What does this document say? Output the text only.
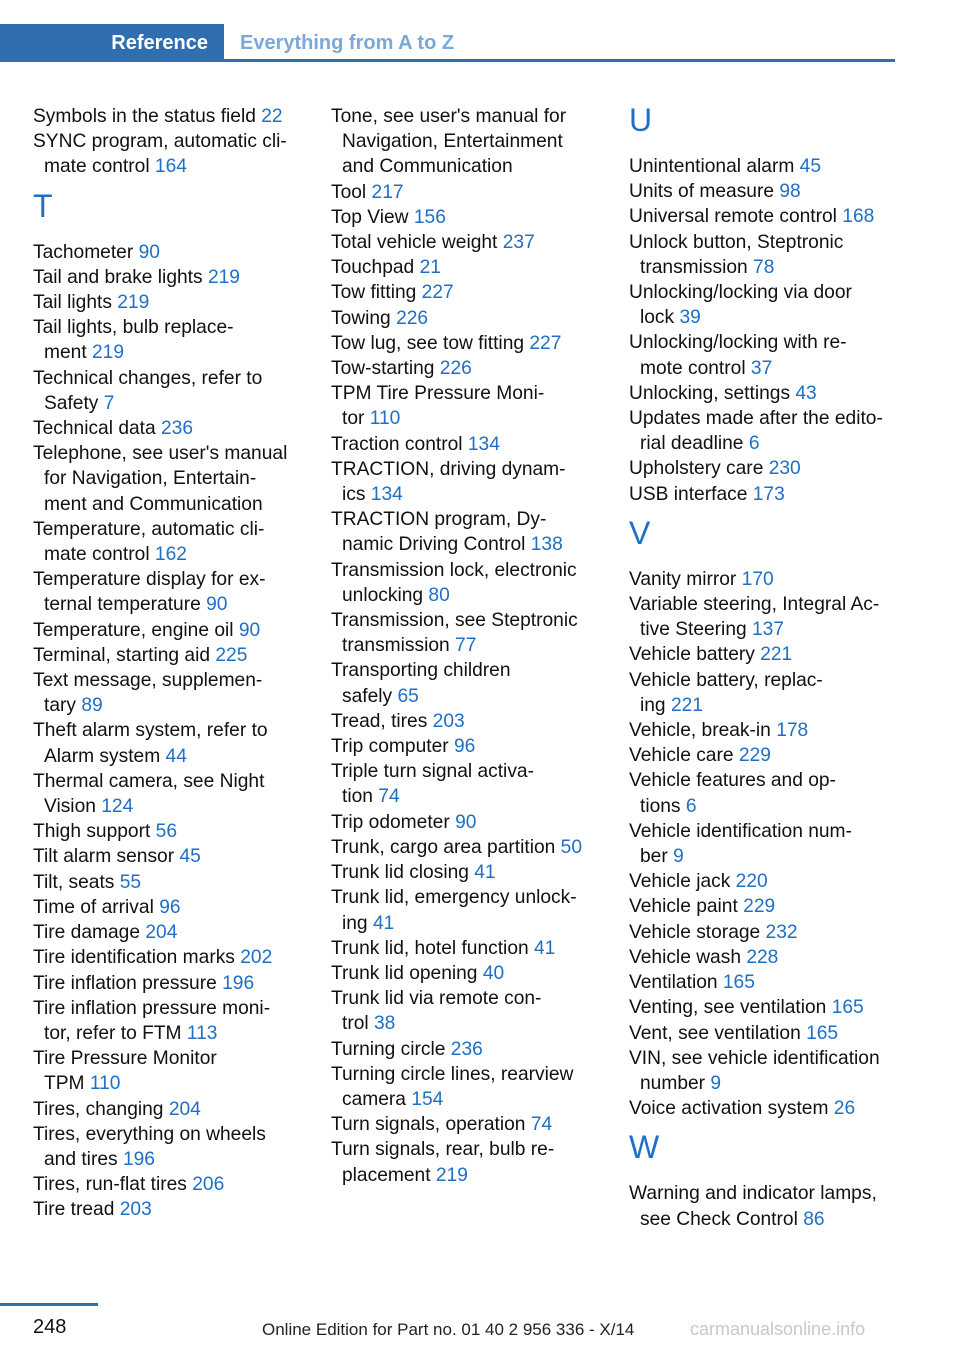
Reference	Everything from A to Z
Symbols in the status field 22
SYNC program, automatic cli-
mate control 164
T
Tachometer 90
Tail and brake lights 219
Tail lights 219
Tail lights, bulb replace-
ment 219
Technical changes, refer to
Safety 7
Technical data 236
Telephone, see user's manual
for Navigation, Entertain-
ment and Communication
Temperature, automatic cli-
mate control 162
Temperature display for ex-
ternal temperature 90
Temperature, engine oil 90
Terminal, starting aid 225
Text message, supplemen-
tary 89
Theft alarm system, refer to
Alarm system 44
Thermal camera, see Night
Vision 124
Thigh support 56
Tilt alarm sensor 45
Tilt, seats 55
Time of arrival 96
Tire damage 204
Tire identification marks 202
Tire inflation pressure 196
Tire inflation pressure moni-
tor, refer to FTM 113
Tire Pressure Monitor
TPM 110
Tires, changing 204
Tires, everything on wheels
and tires 196
Tires, run-flat tires 206
Tire tread 203
Tone, see user's manual for
Navigation, Entertainment
and Communication
Tool 217
Top View 156
Total vehicle weight 237
Touchpad 21
Tow fitting 227
Towing 226
Tow lug, see tow fitting 227
Tow-starting 226
TPM Tire Pressure Moni-
tor 110
Traction control 134
TRACTION, driving dynam-
ics 134
TRACTION program, Dy-
namic Driving Control 138
Transmission lock, electronic
unlocking 80
Transmission, see Steptronic
transmission 77
Transporting children
safely 65
Tread, tires 203
Trip computer 96
Triple turn signal activa-
tion 74
Trip odometer 90
Trunk, cargo area partition 50
Trunk lid closing 41
Trunk lid, emergency unlock-
ing 41
Trunk lid, hotel function 41
Trunk lid opening 40
Trunk lid via remote con-
trol 38
Turning circle 236
Turning circle lines, rearview
camera 154
Turn signals, operation 74
Turn signals, rear, bulb re-
placement 219
U
Unintentional alarm 45
Units of measure 98
Universal remote control 168
Unlock button, Steptronic
transmission 78
Unlocking/locking via door
lock 39
Unlocking/locking with re-
mote control 37
Unlocking, settings 43
Updates made after the edito-
rial deadline 6
Upholstery care 230
USB interface 173
V
Vanity mirror 170
Variable steering, Integral Ac-
tive Steering 137
Vehicle battery 221
Vehicle battery, replac-
ing 221
Vehicle, break-in 178
Vehicle care 229
Vehicle features and op-
tions 6
Vehicle identification num-
ber 9
Vehicle jack 220
Vehicle paint 229
Vehicle storage 232
Vehicle wash 228
Ventilation 165
Venting, see ventilation 165
Vent, see ventilation 165
VIN, see vehicle identification
number 9
Voice activation system 26
W
Warning and indicator lamps,
see Check Control 86
248	Online Edition for Part no. 01 40 2 956 336 - X/14	carmanualsonline.info
